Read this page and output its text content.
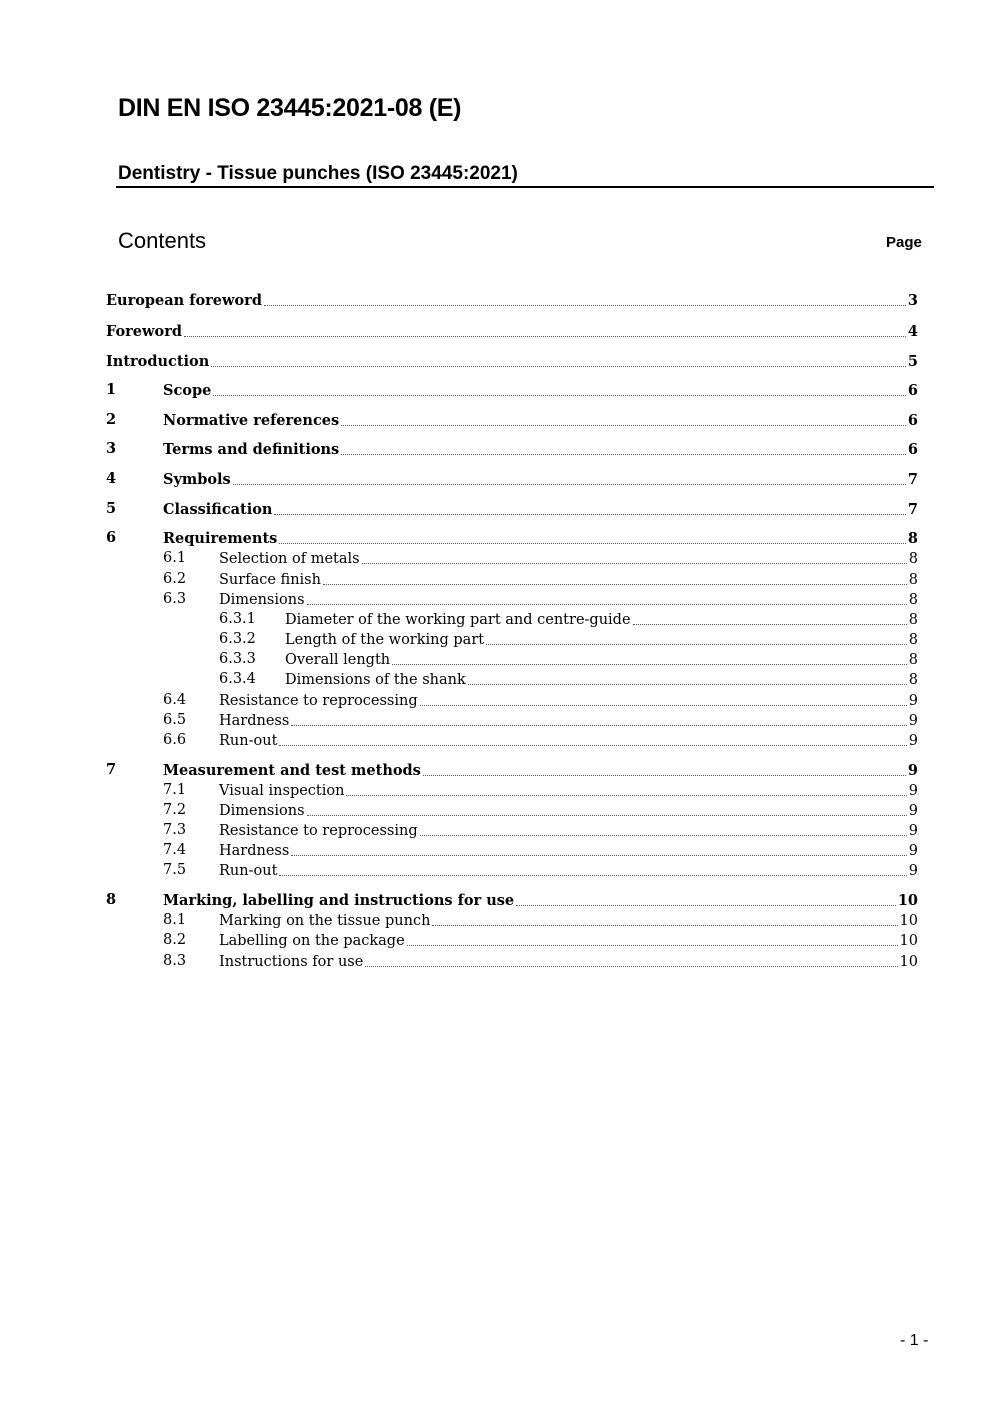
DIN EN ISO 23445:2021-08 (E)
Dentistry - Tissue punches (ISO 23445:2021)
Contents	Page
European foreword	3
Foreword	4
Introduction	5
1	Scope	6
2	Normative references	6
3	Terms and definitions	6
4	Symbols	7
5	Classification	7
6	Requirements	8
6.1 Selection of metals	8
6.2 Surface finish	8
6.3 Dimensions	8
6.3.1 Diameter of the working part and centre-guide	8
6.3.2 Length of the working part	8
6.3.3 Overall length	8
6.3.4 Dimensions of the shank	8
6.4 Resistance to reprocessing	9
6.5 Hardness	9
6.6 Run-out	9
7	Measurement and test methods	9
7.1 Visual inspection	9
7.2 Dimensions	9
7.3 Resistance to reprocessing	9
7.4 Hardness	9
7.5 Run-out	9
8	Marking, labelling and instructions for use	10
8.1 Marking on the tissue punch	10
8.2 Labelling on the package	10
8.3 Instructions for use	10
- 1 -
